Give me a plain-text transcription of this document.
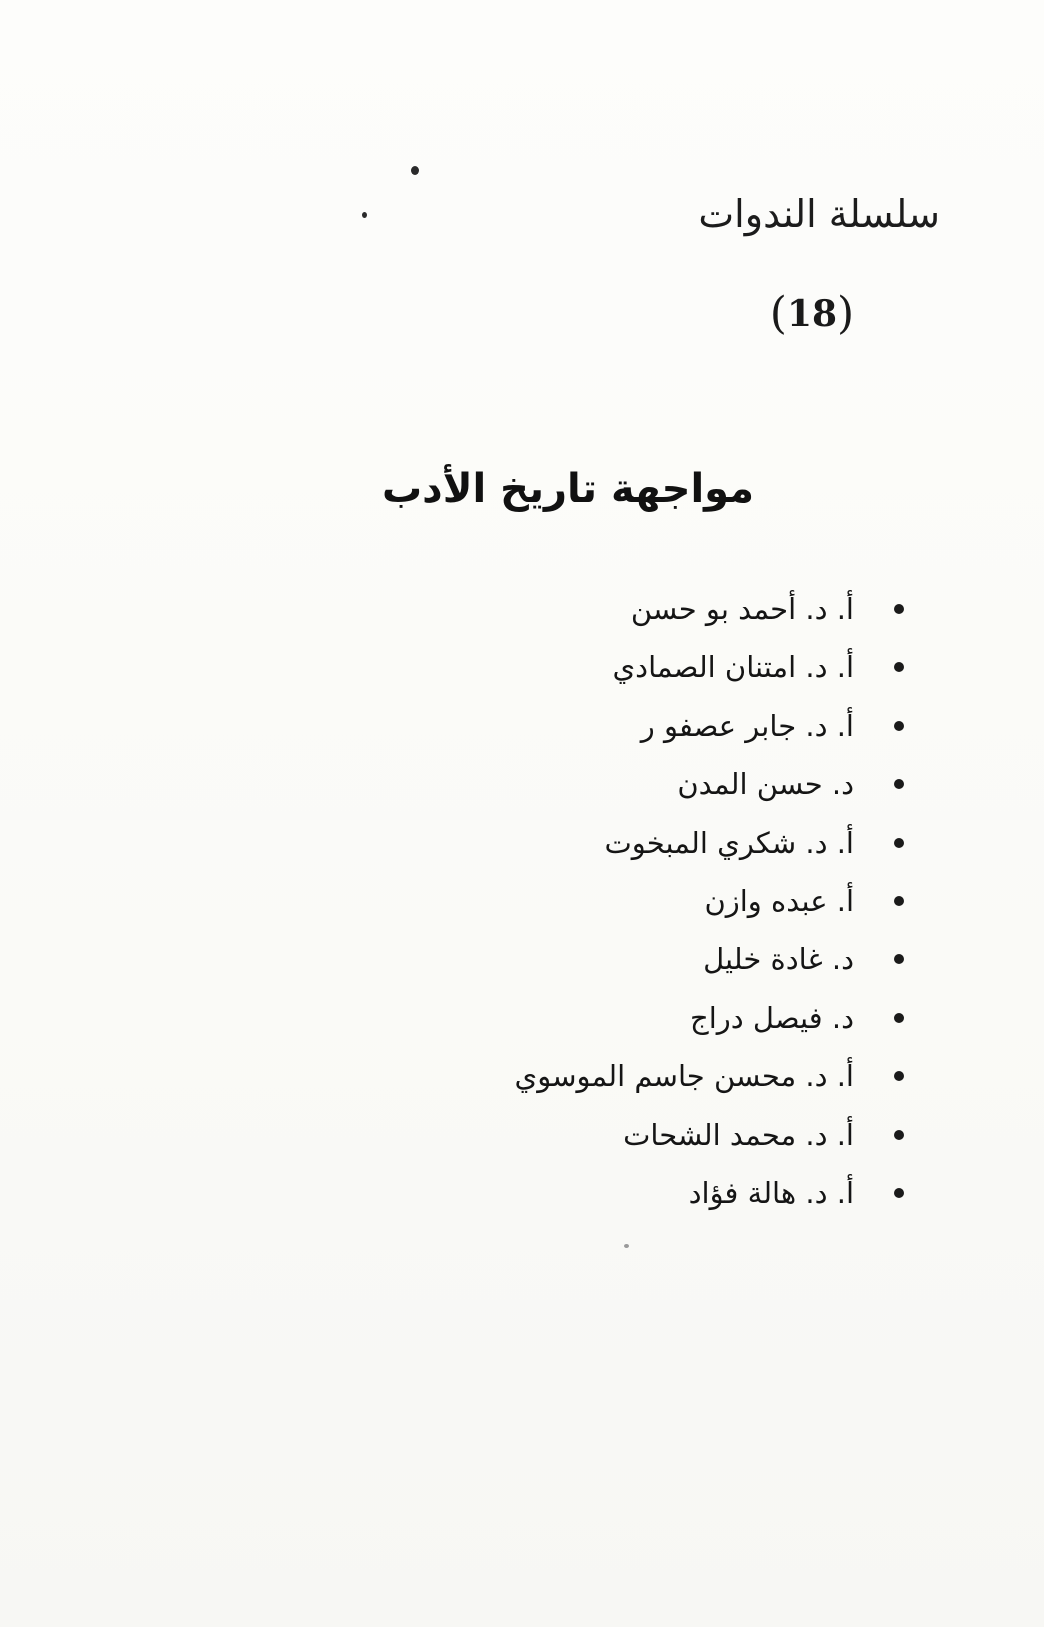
سلسلة الندوات
(18)
مواجهة تاريخ الأدب
أ. د. أحمد بو حسن
أ. د. امتنان الصمادي
أ. د. جابر عصفو ر
د. حسن المدن
أ. د. شكري المبخوت
أ. عبده وازن
د. غادة خليل
د. فيصل دراج
أ. د. محسن جاسم الموسوي
أ. د. محمد الشحات
أ. د. هالة فؤاد
